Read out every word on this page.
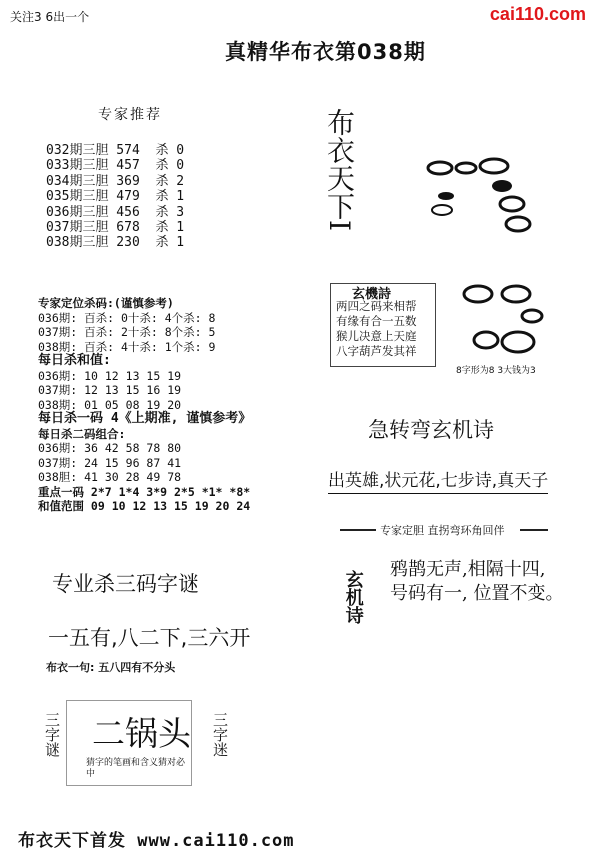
关注3 6出一个	cai110.com
真精华布衣第038期
专家推荐
032期三胆 574  杀 0
033期三胆 457  杀 0
034期三胆 369  杀 2
035期三胆 479  杀 1
036期三胆 456  杀 3
037期三胆 678  杀 1
038期三胆 230  杀 1
专家定位杀码:(谨慎参考)
036期: 百杀: 0十杀: 4个杀: 8
037期: 百杀: 2十杀: 8个杀: 5
038期: 百杀: 4十杀: 1个杀: 9
每日杀和值:
036期: 10 12 13 15 19
037期: 12 13 15 16 19
038期: 01 05 08 19 20
每日杀一码 4《上期准, 谨慎参考》
每日杀二码组合:
036期: 36 42 58 78 80
037期: 24 15 96 87 41
038胆: 41 30 28 49 78
重点一码 2*7 1*4 3*9 2*5 *1* *8*
和值范围 09 10 12 13 15 19 20 24
专业杀三码字谜
一五有,八二下,三六开
布衣一句: 五八四有不分头
三字谜 二锅头
猜字的笔画和含义猜对必中
三字迷
布衣天下I
玄機詩
两四之码来相帮
有缘有合一五数
猴儿决意上天庭
八字葫芦发其祥
8字形为8 3大钱为3
急转弯玄机诗
出英雄,状元花,七步诗,真天子
专家定胆 直拐弯环角回伴
玄机诗
鸦鹊无声,相隔十四,
号码有一, 位置不变。
布衣天下首发 www.cai110.com
